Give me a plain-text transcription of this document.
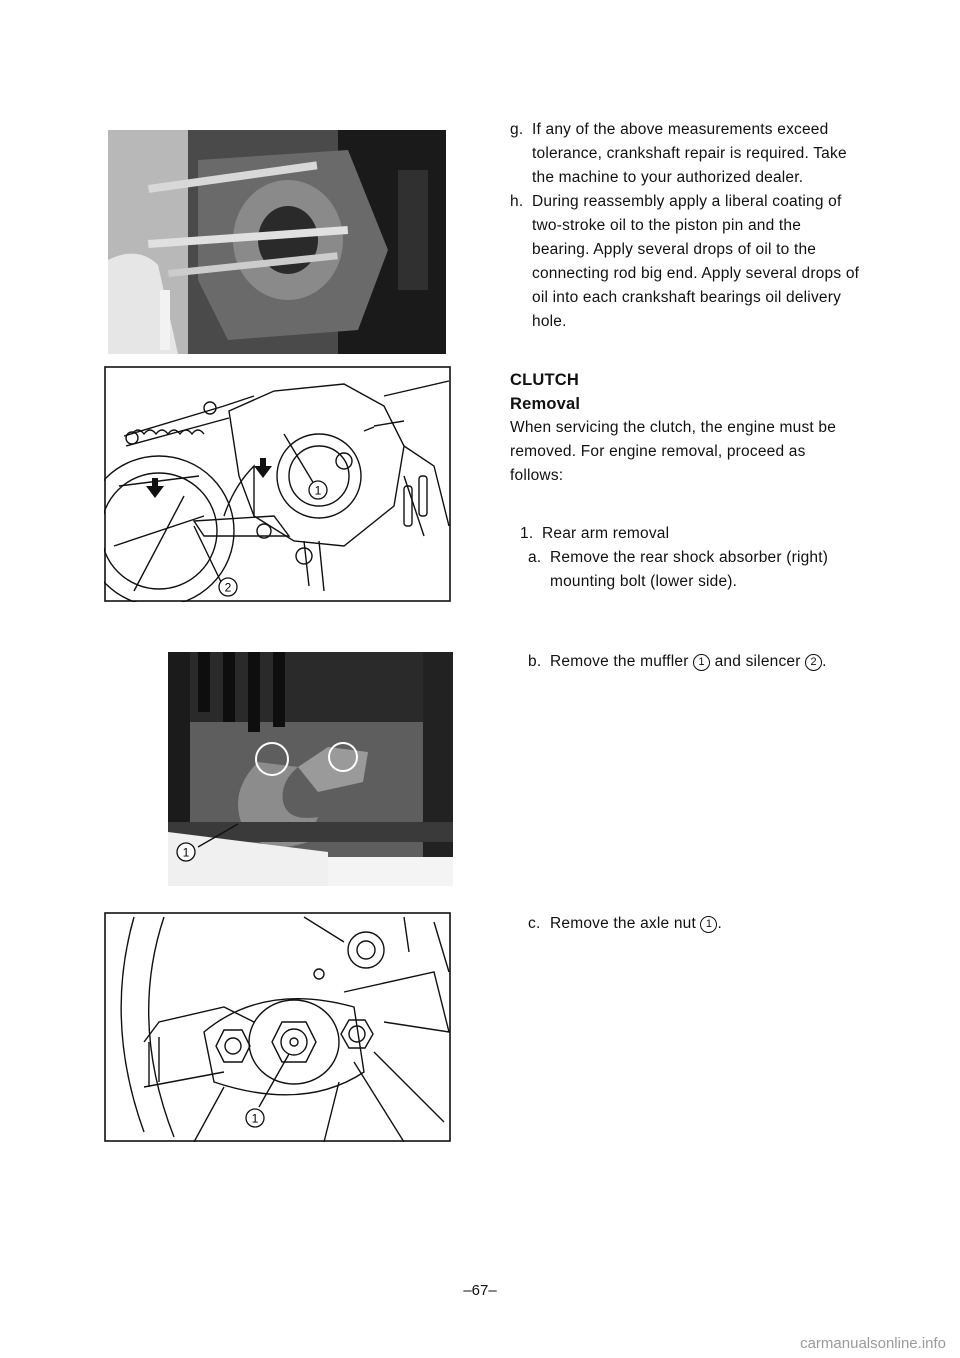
1
2
1
1

g. If any of the above measurements exceed tolerance, crankshaft repair is required. Take the machine to your authorized dealer.

h. During reassembly apply a liberal coating of two-stroke oil to the piston pin and the bearing. Apply several drops of oil to the connecting rod big end. Apply several drops of oil into each crankshaft bearings oil delivery hole.

CLUTCH
Removal

When servicing the clutch, the engine must be removed. For engine removal, proceed as follows:

1. Rear arm removal

a. Remove the rear shock absorber (right) mounting bolt (lower side).

b. Remove the muffler 1 and silencer 2 .

c. Remove the axle nut 1 .

–67–
carmanualsonline.info
